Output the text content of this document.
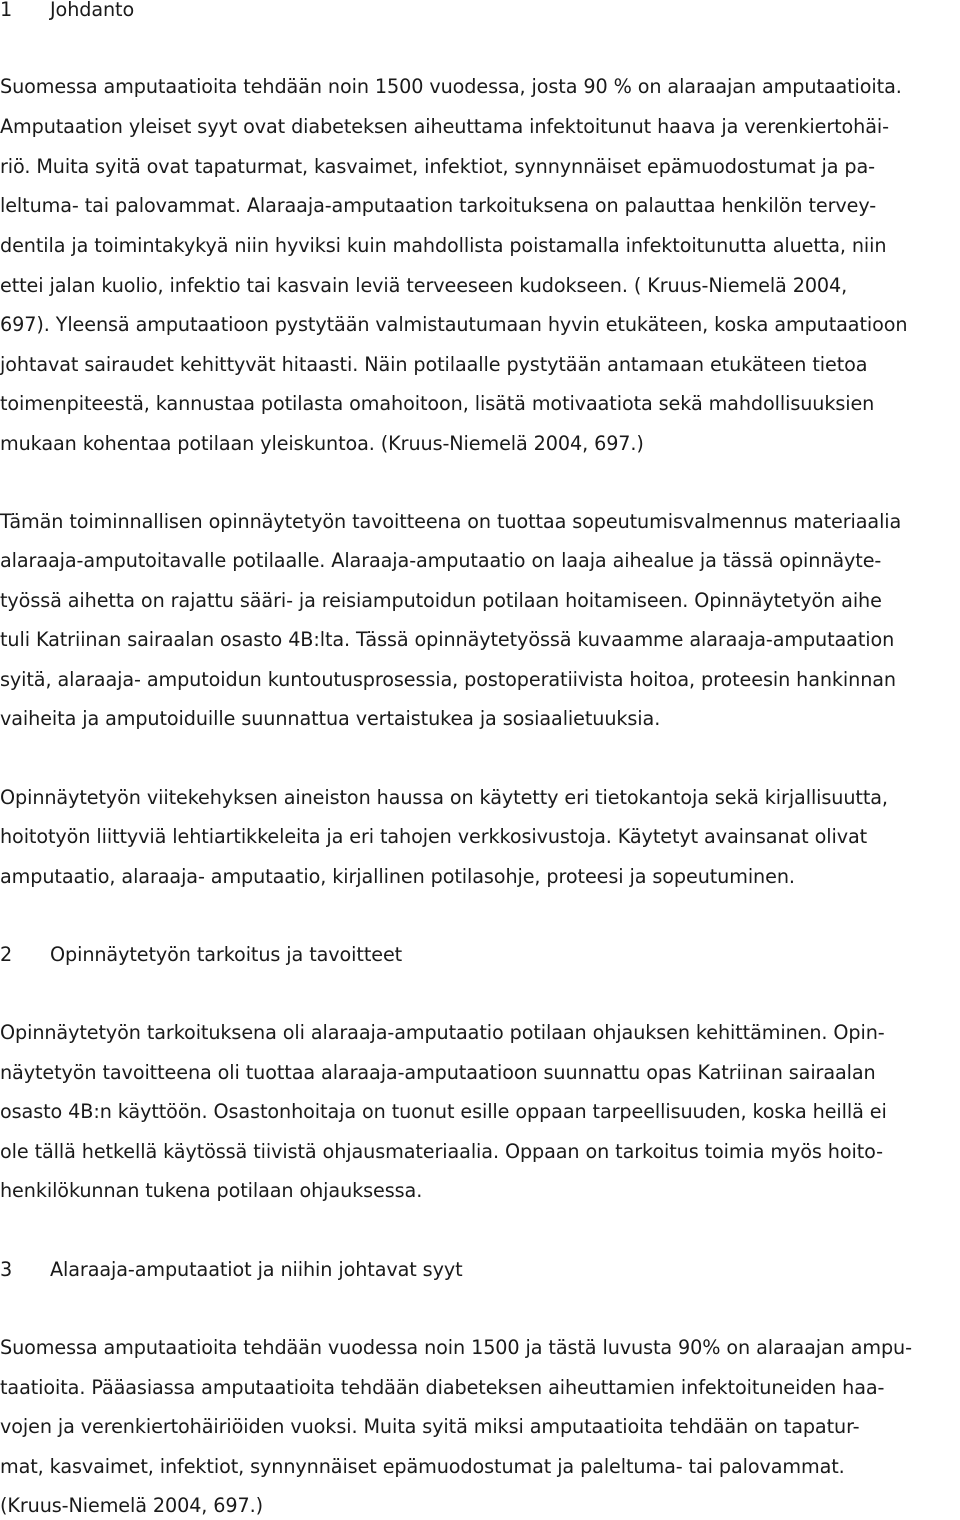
1 Johdanto
Suomessa amputaatioita tehdään noin 1500 vuodessa, josta 90 % on alaraajan amputaatioita.
Amputaation yleiset syyt ovat diabeteksen aiheuttama infektoitunut haava ja verenkiertohäi-
riö. Muita syitä ovat tapaturmat, kasvaimet, infektiot, synnynnäiset epämuodostumat ja pa-
leltuma- tai palovammat. Alaraaja-amputaation tarkoituksena on palauttaa henkilön tervey-
dentila ja toimintakykyä niin hyviksi kuin mahdollista poistamalla infektoitunutta aluetta, niin
ettei jalan kuolio, infektio tai kasvain leviä terveeseen kudokseen. ( Kruus-Niemelä 2004,
697). Yleensä amputaatioon pystytään valmistautumaan hyvin etukäteen, koska amputaatioon
johtavat sairaudet kehittyvät hitaasti. Näin potilaalle pystytään antamaan etukäteen tietoa
toimenpiteestä, kannustaa potilasta omahoitoon, lisätä motivaatiota sekä mahdollisuuksien
mukaan kohentaa potilaan yleiskuntoa. (Kruus-Niemelä 2004, 697.)
Tämän toiminnallisen opinnäytetyön tavoitteena on tuottaa sopeutumisvalmennus materiaalia
alaraaja-amputoitavalle potilaalle. Alaraaja-amputaatio on laaja aihealue ja tässä opinnäyte-
työssä aihetta on rajattu sääri- ja reisiamputoidun potilaan hoitamiseen. Opinnäytetyön aihe
tuli Katriinan sairaalan osasto 4B:lta. Tässä opinnäytetyössä kuvaamme alaraaja-amputaation
syitä, alaraaja- amputoidun kuntoutusprosessia, postoperatiivista hoitoa, proteesin hankinnan
vaiheita ja amputoiduille suunnattua vertaistukea ja sosiaalietuuksia.
Opinnäytetyön viitekehyksen aineiston haussa on käytetty eri tietokantoja sekä kirjallisuutta,
hoitotyön liittyviä lehtiartikkeleita ja eri tahojen verkkosivustoja. Käytetyt avainsanat olivat
amputaatio, alaraaja- amputaatio, kirjallinen potilasohje, proteesi ja sopeutuminen.
2 Opinnäytetyön tarkoitus ja tavoitteet
Opinnäytetyön tarkoituksena oli alaraaja-amputaatio potilaan ohjauksen kehittäminen. Opin-
näytetyön tavoitteena oli tuottaa alaraaja-amputaatioon suunnattu opas Katriinan sairaalan
osasto 4B:n käyttöön. Osastonhoitaja on tuonut esille oppaan tarpeellisuuden, koska heillä ei
ole tällä hetkellä käytössä tiivistä ohjausmateriaalia. Oppaan on tarkoitus toimia myös hoito-
henkilökunnan tukena potilaan ohjauksessa.
3 Alaraaja-amputaatiot ja niihin johtavat syyt
Suomessa amputaatioita tehdään vuodessa noin 1500 ja tästä luvusta 90% on alaraajan ampu-
taatioita. Pääasiassa amputaatioita tehdään diabeteksen aiheuttamien infektoituneiden haa-
vojen ja verenkiertohäiriöiden vuoksi. Muita syitä miksi amputaatioita tehdään on tapatur-
mat, kasvaimet, infektiot, synnynnäiset epämuodostumat ja paleltuma- tai palovammat.
(Kruus-Niemelä 2004, 697.)
